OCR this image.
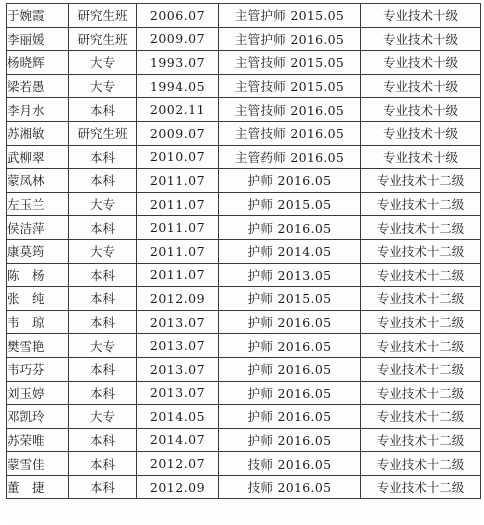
于婉霞	研究生班	2006.07	主管护师 2015.05	专业技术十级
李丽媛	研究生班	2009.07	主管护师 2016.05	专业技术十级
杨晓辉	大专	1993.07	主管技师 2015.05	专业技术十级
梁若愚	大专	1994.05	主管技师 2015.05	专业技术十级
李月水	本科	2002.11	主管技师 2016.05	专业技术十级
苏湘敏	研究生班	2009.07	主管技师 2016.05	专业技术十级
武柳翠	本科	2010.07	主管药师 2016.05	专业技术十级
蒙凤林	本科	2011.07	护师 2016.05	专业技术十二级
左玉兰	大专	2011.07	护师 2015.05	专业技术十二级
侯洁萍	本科	2011.07	护师 2016.05	专业技术十二级
康莫筠	大专	2011.07	护师 2014.05	专业技术十二级
陈　杨	本科	2011.07	护师 2013.05	专业技术十二级
张　纯	本科	2012.09	护师 2015.05	专业技术十二级
韦　琼	本科	2013.07	护师 2016.05	专业技术十二级
樊雪艳	大专	2013.07	护师 2016.05	专业技术十二级
韦巧芬	本科	2013.07	护师 2016.05	专业技术十二级
刘玉婷	本科	2013.07	护师 2016.05	专业技术十二级
邓凯玲	大专	2014.05	护师 2016.05	专业技术十二级
苏荣唯	本科	2014.07	护师 2016.05	专业技术十二级
蒙雪佳	本科	2012.07	技师 2016.05	专业技术十二级
董　捷	本科	2012.09	技师 2016.05	专业技术十二级
